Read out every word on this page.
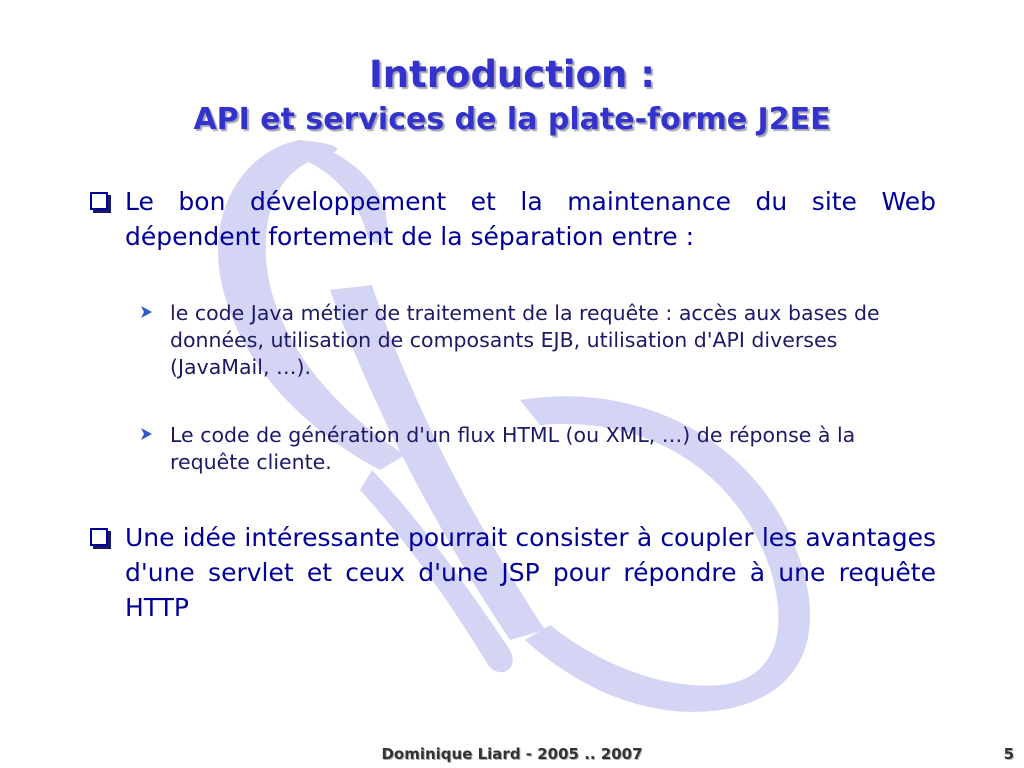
Introduction :
API et services de la plate-forme J2EE
Le bon développement et la maintenance du site Web dépendent fortement de la séparation entre :
le code Java métier de traitement de la requête : accès aux bases de données, utilisation de composants EJB, utilisation d'API diverses (JavaMail, …).
Le code de génération d'un flux HTML (ou XML, …) de réponse à la requête cliente.
Une idée intéressante pourrait consister à coupler les avantages d'une servlet et ceux d'une JSP pour répondre à une requête HTTP
Dominique Liard - 2005 .. 2007	5
